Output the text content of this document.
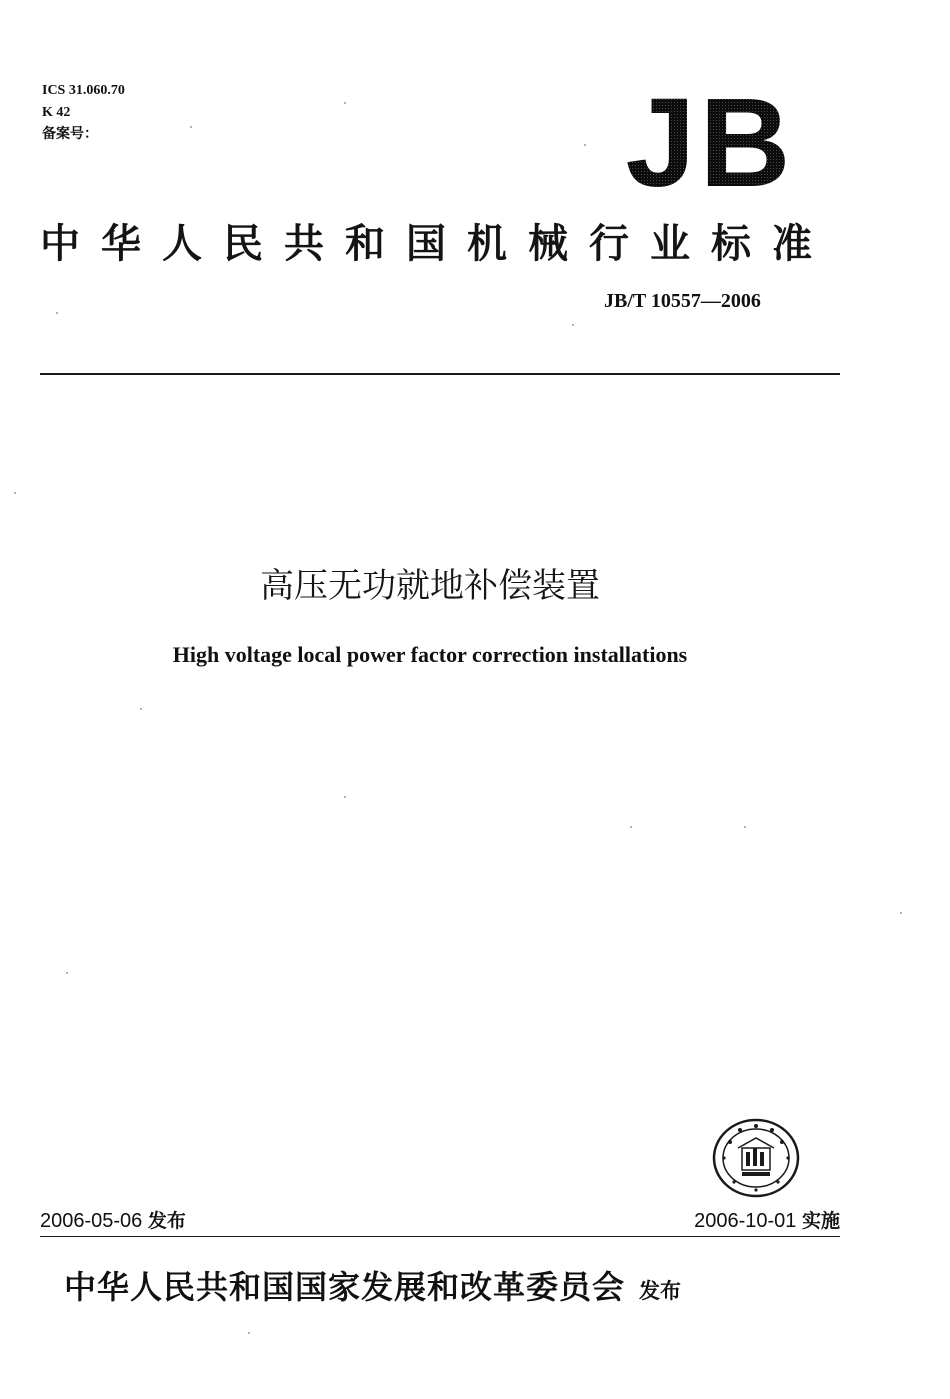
ICS 31.060.70
K 42
备案号：	JB
中华人民共和国机械行业标准
JB/T 10557—2006
高压无功就地补偿装置
High voltage local power factor correction installations
2006-05-06 发布	2006-10-01 实施
中华人民共和国国家发展和改革委员会 发布
